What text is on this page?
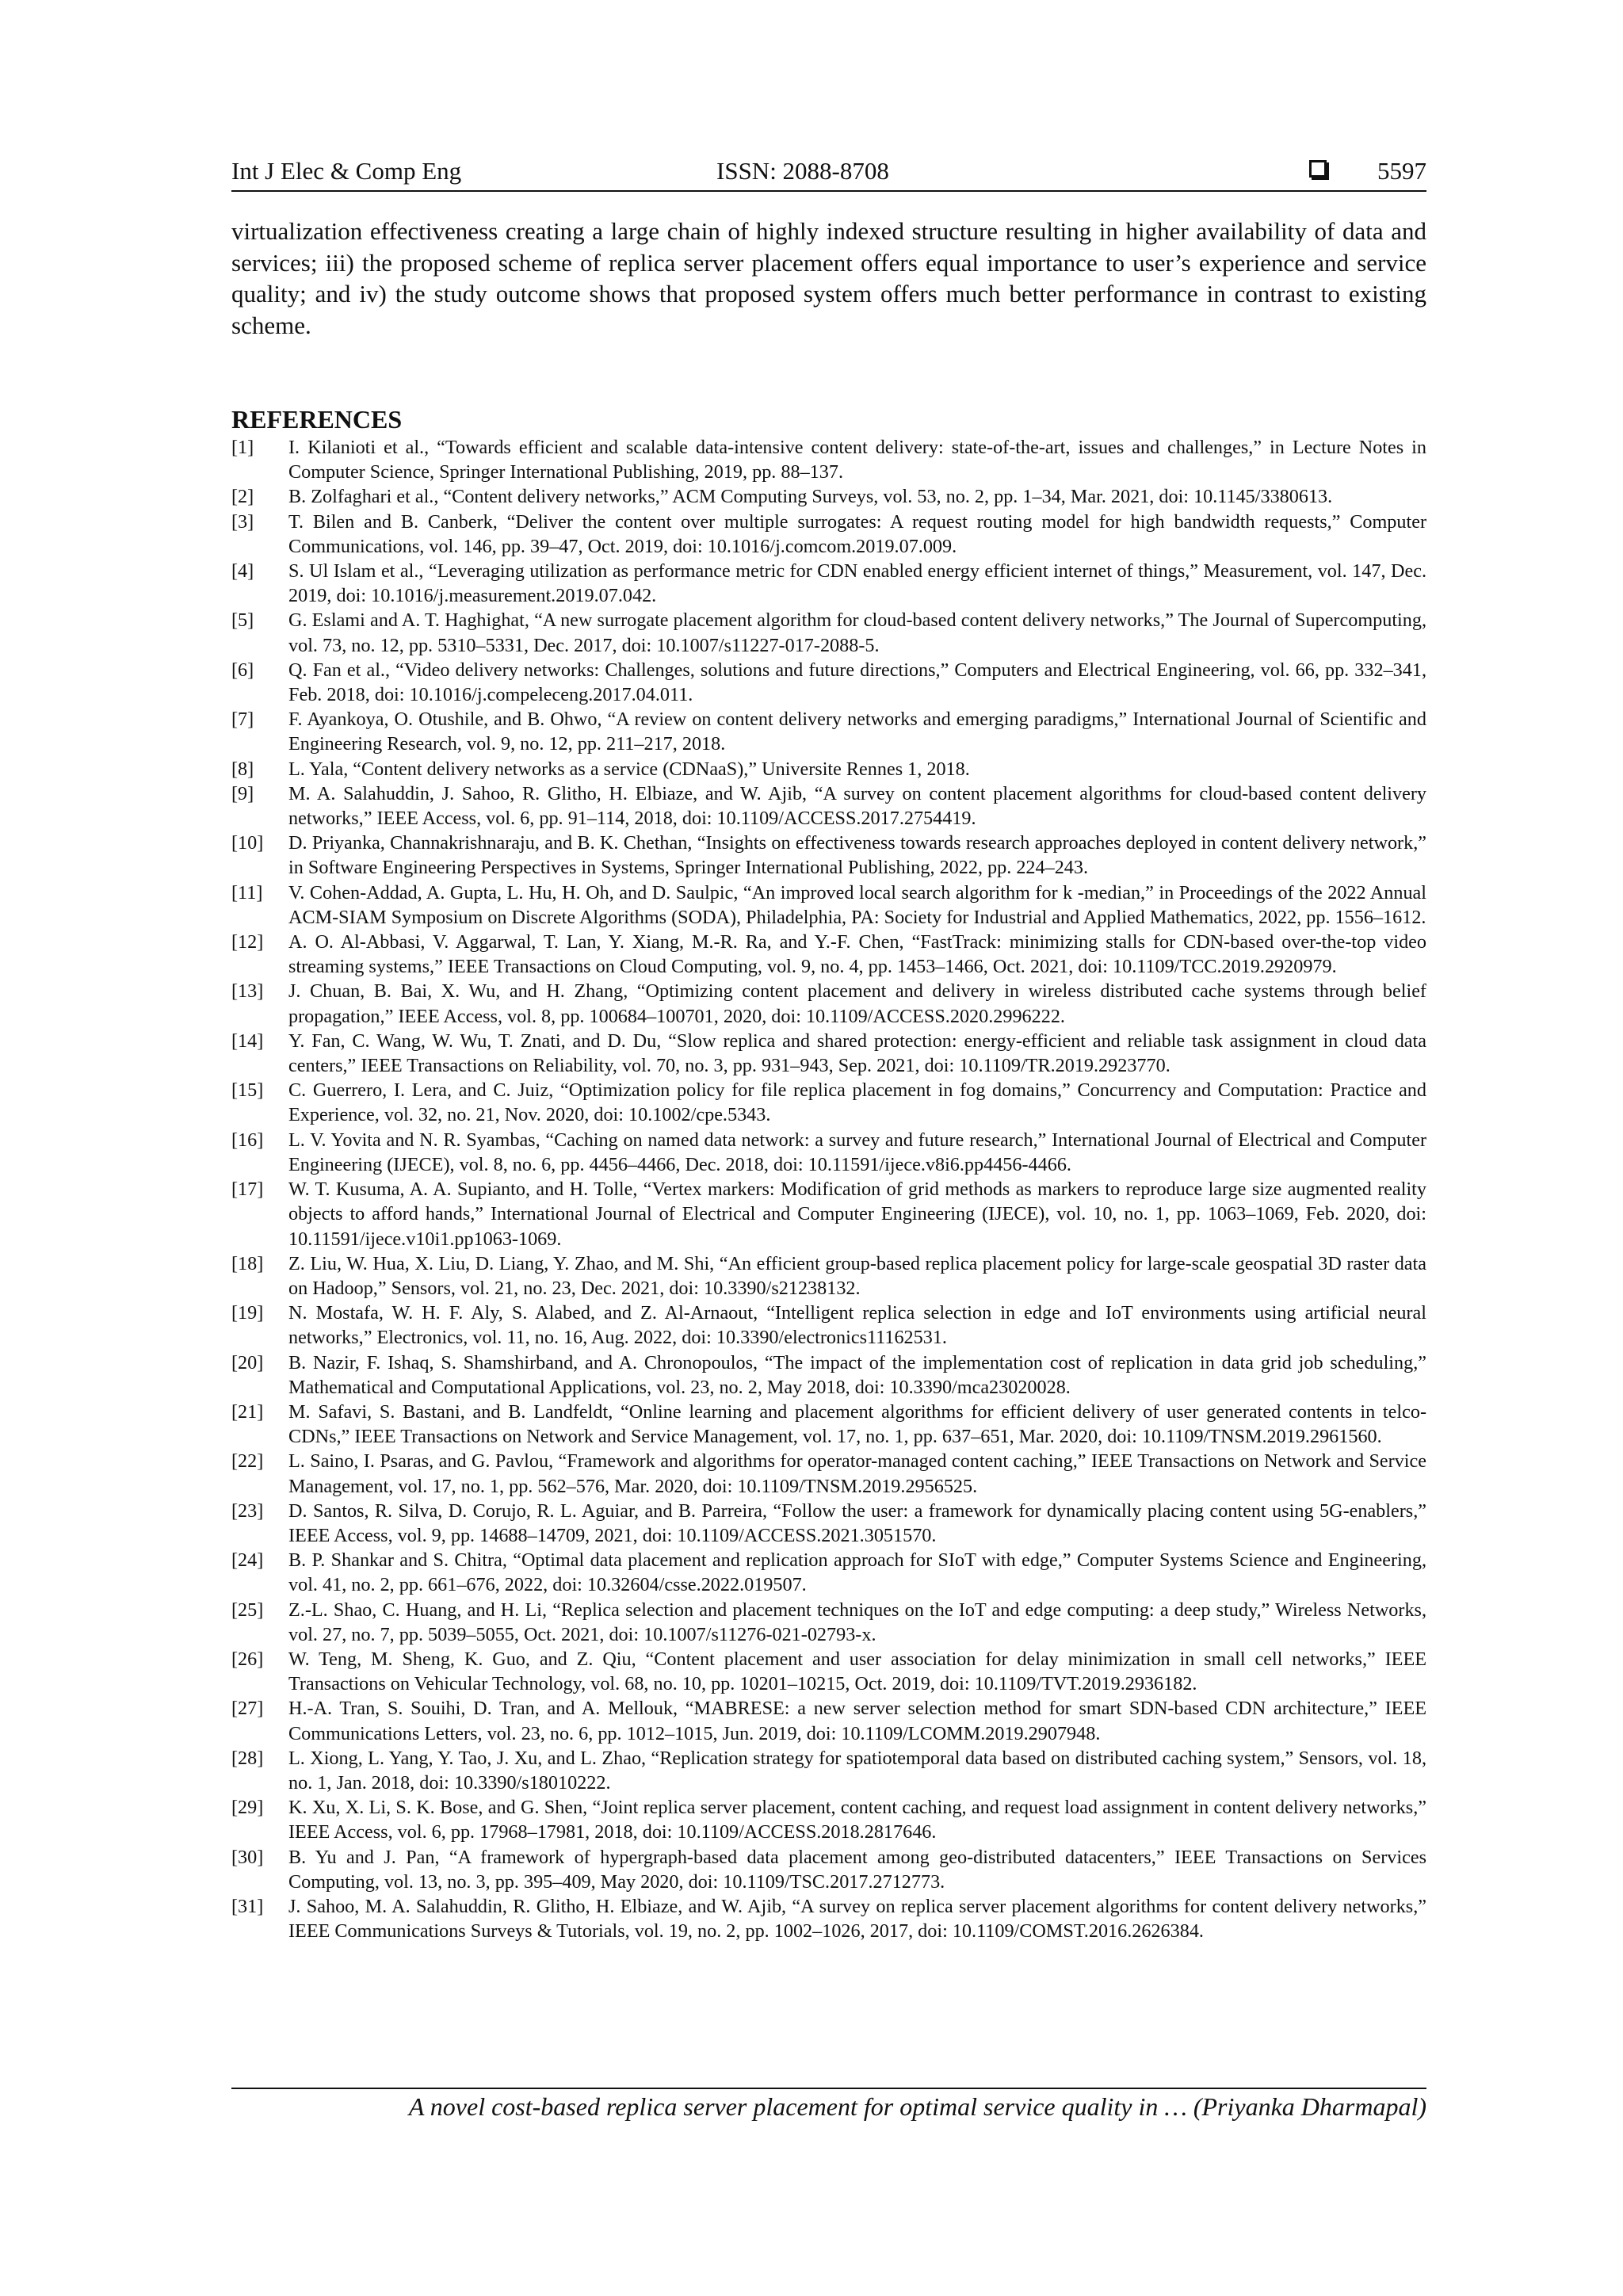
Int J Elec & Comp Eng	ISSN: 2088-8708	5597

virtualization effectiveness creating a large chain of highly indexed structure resulting in higher availability of data and services; iii) the proposed scheme of replica server placement offers equal importance to user’s experience and service quality; and iv) the study outcome shows that proposed system offers much better performance in contrast to existing scheme.

REFERENCES
[1] I. Kilanioti et al., “Towards efficient and scalable data-intensive content delivery: state-of-the-art, issues and challenges,” in Lecture Notes in Computer Science, Springer International Publishing, 2019, pp. 88–137.
[2] B. Zolfaghari et al., “Content delivery networks,” ACM Computing Surveys, vol. 53, no. 2, pp. 1–34, Mar. 2021, doi: 10.1145/3380613.
[3] T. Bilen and B. Canberk, “Deliver the content over multiple surrogates: A request routing model for high bandwidth requests,” Computer Communications, vol. 146, pp. 39–47, Oct. 2019, doi: 10.1016/j.comcom.2019.07.009.
[4] S. Ul Islam et al., “Leveraging utilization as performance metric for CDN enabled energy efficient internet of things,” Measurement, vol. 147, Dec. 2019, doi: 10.1016/j.measurement.2019.07.042.
[5] G. Eslami and A. T. Haghighat, “A new surrogate placement algorithm for cloud-based content delivery networks,” The Journal of Supercomputing, vol. 73, no. 12, pp. 5310–5331, Dec. 2017, doi: 10.1007/s11227-017-2088-5.
[6] Q. Fan et al., “Video delivery networks: Challenges, solutions and future directions,” Computers and Electrical Engineering, vol. 66, pp. 332–341, Feb. 2018, doi: 10.1016/j.compeleceng.2017.04.011.
[7] F. Ayankoya, O. Otushile, and B. Ohwo, “A review on content delivery networks and emerging paradigms,” International Journal of Scientific and Engineering Research, vol. 9, no. 12, pp. 211–217, 2018.
[8] L. Yala, “Content delivery networks as a service (CDNaaS),” Universite Rennes 1, 2018.
[9] M. A. Salahuddin, J. Sahoo, R. Glitho, H. Elbiaze, and W. Ajib, “A survey on content placement algorithms for cloud-based content delivery networks,” IEEE Access, vol. 6, pp. 91–114, 2018, doi: 10.1109/ACCESS.2017.2754419.
[10] D. Priyanka, Channakrishnaraju, and B. K. Chethan, “Insights on effectiveness towards research approaches deployed in content delivery network,” in Software Engineering Perspectives in Systems, Springer International Publishing, 2022, pp. 224–243.
[11] V. Cohen-Addad, A. Gupta, L. Hu, H. Oh, and D. Saulpic, “An improved local search algorithm for k -median,” in Proceedings of the 2022 Annual ACM-SIAM Symposium on Discrete Algorithms (SODA), Philadelphia, PA: Society for Industrial and Applied Mathematics, 2022, pp. 1556–1612.
[12] A. O. Al-Abbasi, V. Aggarwal, T. Lan, Y. Xiang, M.-R. Ra, and Y.-F. Chen, “FastTrack: minimizing stalls for CDN-based over-the-top video streaming systems,” IEEE Transactions on Cloud Computing, vol. 9, no. 4, pp. 1453–1466, Oct. 2021, doi: 10.1109/TCC.2019.2920979.
[13] J. Chuan, B. Bai, X. Wu, and H. Zhang, “Optimizing content placement and delivery in wireless distributed cache systems through belief propagation,” IEEE Access, vol. 8, pp. 100684–100701, 2020, doi: 10.1109/ACCESS.2020.2996222.
[14] Y. Fan, C. Wang, W. Wu, T. Znati, and D. Du, “Slow replica and shared protection: energy-efficient and reliable task assignment in cloud data centers,” IEEE Transactions on Reliability, vol. 70, no. 3, pp. 931–943, Sep. 2021, doi: 10.1109/TR.2019.2923770.
[15] C. Guerrero, I. Lera, and C. Juiz, “Optimization policy for file replica placement in fog domains,” Concurrency and Computation: Practice and Experience, vol. 32, no. 21, Nov. 2020, doi: 10.1002/cpe.5343.
[16] L. V. Yovita and N. R. Syambas, “Caching on named data network: a survey and future research,” International Journal of Electrical and Computer Engineering (IJECE), vol. 8, no. 6, pp. 4456–4466, Dec. 2018, doi: 10.11591/ijece.v8i6.pp4456-4466.
[17] W. T. Kusuma, A. A. Supianto, and H. Tolle, “Vertex markers: Modification of grid methods as markers to reproduce large size augmented reality objects to afford hands,” International Journal of Electrical and Computer Engineering (IJECE), vol. 10, no. 1, pp. 1063–1069, Feb. 2020, doi: 10.11591/ijece.v10i1.pp1063-1069.
[18] Z. Liu, W. Hua, X. Liu, D. Liang, Y. Zhao, and M. Shi, “An efficient group-based replica placement policy for large-scale geospatial 3D raster data on Hadoop,” Sensors, vol. 21, no. 23, Dec. 2021, doi: 10.3390/s21238132.
[19] N. Mostafa, W. H. F. Aly, S. Alabed, and Z. Al-Arnaout, “Intelligent replica selection in edge and IoT environments using artificial neural networks,” Electronics, vol. 11, no. 16, Aug. 2022, doi: 10.3390/electronics11162531.
[20] B. Nazir, F. Ishaq, S. Shamshirband, and A. Chronopoulos, “The impact of the implementation cost of replication in data grid job scheduling,” Mathematical and Computational Applications, vol. 23, no. 2, May 2018, doi: 10.3390/mca23020028.
[21] M. Safavi, S. Bastani, and B. Landfeldt, “Online learning and placement algorithms for efficient delivery of user generated contents in telco-CDNs,” IEEE Transactions on Network and Service Management, vol. 17, no. 1, pp. 637–651, Mar. 2020, doi: 10.1109/TNSM.2019.2961560.
[22] L. Saino, I. Psaras, and G. Pavlou, “Framework and algorithms for operator-managed content caching,” IEEE Transactions on Network and Service Management, vol. 17, no. 1, pp. 562–576, Mar. 2020, doi: 10.1109/TNSM.2019.2956525.
[23] D. Santos, R. Silva, D. Corujo, R. L. Aguiar, and B. Parreira, “Follow the user: a framework for dynamically placing content using 5G-enablers,” IEEE Access, vol. 9, pp. 14688–14709, 2021, doi: 10.1109/ACCESS.2021.3051570.
[24] B. P. Shankar and S. Chitra, “Optimal data placement and replication approach for SIoT with edge,” Computer Systems Science and Engineering, vol. 41, no. 2, pp. 661–676, 2022, doi: 10.32604/csse.2022.019507.
[25] Z.-L. Shao, C. Huang, and H. Li, “Replica selection and placement techniques on the IoT and edge computing: a deep study,” Wireless Networks, vol. 27, no. 7, pp. 5039–5055, Oct. 2021, doi: 10.1007/s11276-021-02793-x.
[26] W. Teng, M. Sheng, K. Guo, and Z. Qiu, “Content placement and user association for delay minimization in small cell networks,” IEEE Transactions on Vehicular Technology, vol. 68, no. 10, pp. 10201–10215, Oct. 2019, doi: 10.1109/TVT.2019.2936182.
[27] H.-A. Tran, S. Souihi, D. Tran, and A. Mellouk, “MABRESE: a new server selection method for smart SDN-based CDN architecture,” IEEE Communications Letters, vol. 23, no. 6, pp. 1012–1015, Jun. 2019, doi: 10.1109/LCOMM.2019.2907948.
[28] L. Xiong, L. Yang, Y. Tao, J. Xu, and L. Zhao, “Replication strategy for spatiotemporal data based on distributed caching system,” Sensors, vol. 18, no. 1, Jan. 2018, doi: 10.3390/s18010222.
[29] K. Xu, X. Li, S. K. Bose, and G. Shen, “Joint replica server placement, content caching, and request load assignment in content delivery networks,” IEEE Access, vol. 6, pp. 17968–17981, 2018, doi: 10.1109/ACCESS.2018.2817646.
[30] B. Yu and J. Pan, “A framework of hypergraph-based data placement among geo-distributed datacenters,” IEEE Transactions on Services Computing, vol. 13, no. 3, pp. 395–409, May 2020, doi: 10.1109/TSC.2017.2712773.
[31] J. Sahoo, M. A. Salahuddin, R. Glitho, H. Elbiaze, and W. Ajib, “A survey on replica server placement algorithms for content delivery networks,” IEEE Communications Surveys & Tutorials, vol. 19, no. 2, pp. 1002–1026, 2017, doi: 10.1109/COMST.2016.2626384.
A novel cost-based replica server placement for optimal service quality in … (Priyanka Dharmapal)
